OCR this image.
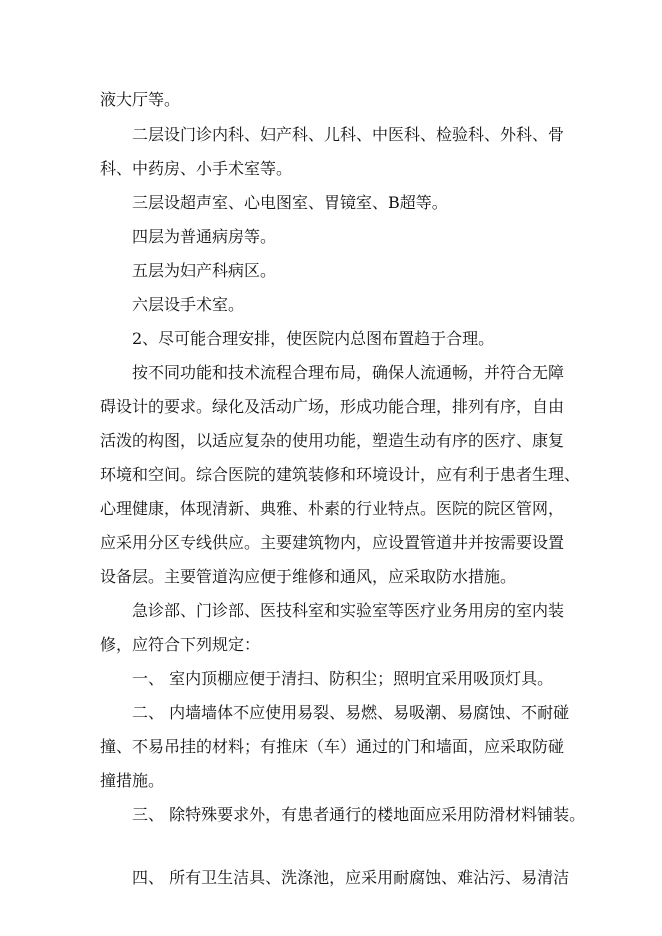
液大厅等。
二层设门诊内科、妇产科、儿科、中医科、检验科、外科、骨
科、中药房、小手术室等。
三层设超声室、心电图室、胃镜室、B超等。
四层为普通病房等。
五层为妇产科病区。
六层设手术室。
2、尽可能合理安排，使医院内总图布置趋于合理。
按不同功能和技术流程合理布局，确保人流通畅，并符合无障
碍设计的要求。绿化及活动广场，形成功能合理，排列有序，自由
活泼的构图，以适应复杂的使用功能，塑造生动有序的医疗、康复
环境和空间。综合医院的建筑装修和环境设计，应有利于患者生理、
心理健康，体现清新、典雅、朴素的行业特点。医院的院区管网，
应采用分区专线供应。主要建筑物内，应设置管道井并按需要设置
设备层。主要管道沟应便于维修和通风，应采取防水措施。
急诊部、门诊部、医技科室和实验室等医疗业务用房的室内装
修，应符合下列规定：
一、 室内顶棚应便于清扫、防积尘；照明宜采用吸顶灯具。
二、 内墙墙体不应使用易裂、易燃、易吸潮、易腐蚀、不耐碰
撞、不易吊挂的材料；有推床（车）通过的门和墙面，应采取防碰
撞措施。
三、 除特殊要求外，有患者通行的楼地面应采用防滑材料铺装。
四、 所有卫生洁具、洗涤池，应采用耐腐蚀、难沾污、易清洁
